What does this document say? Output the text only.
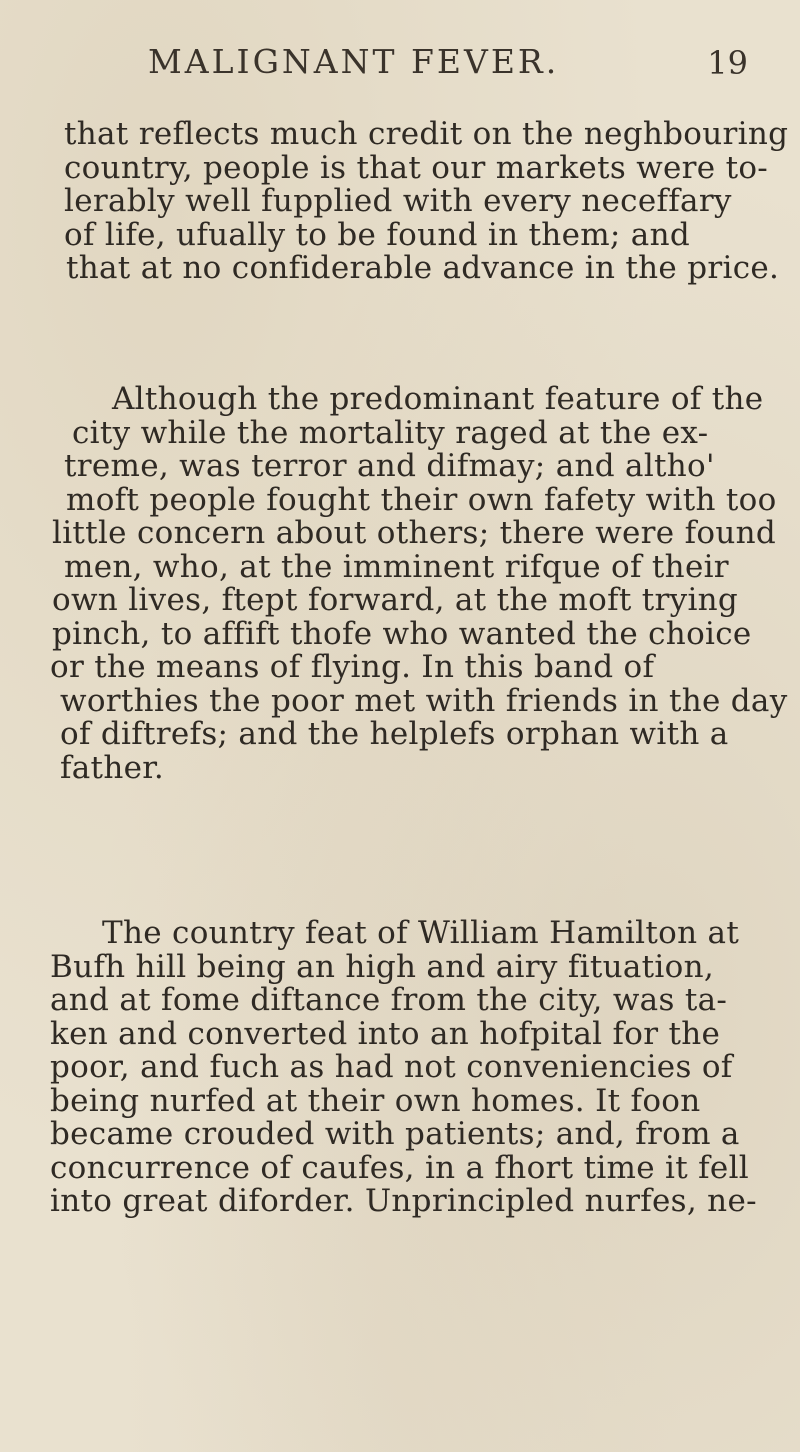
MALIGNANT FEVER.	19
that reflects much credit on the neghbouring
country, people is that our markets were to-
lerably well fupplied with every neceffary
of life, ufually to be found in them; and
that at no confiderable advance in the price.
Although the predominant feature of the
city while the mortality raged at the ex-
treme, was terror and difmay; and altho'
moft people fought their own fafety with too
little concern about others; there were found
men, who, at the imminent rifque of their
own lives, ftept forward, at the moft trying
pinch, to affift thofe who wanted the choice
or the means of flying. In this band of
worthies the poor met with friends in the day
of diftrefs; and the helplefs orphan with a
father.
The country feat of William Hamilton at
Bufh hill being an high and airy fituation,
and at fome diftance from the city, was ta-
ken and converted into an hofpital for the
poor, and fuch as had not conveniencies of
being nurfed at their own homes. It foon
became crouded with patients; and, from a
concurrence of caufes, in a fhort time it fell
into great diforder. Unprincipled nurfes, ne-
